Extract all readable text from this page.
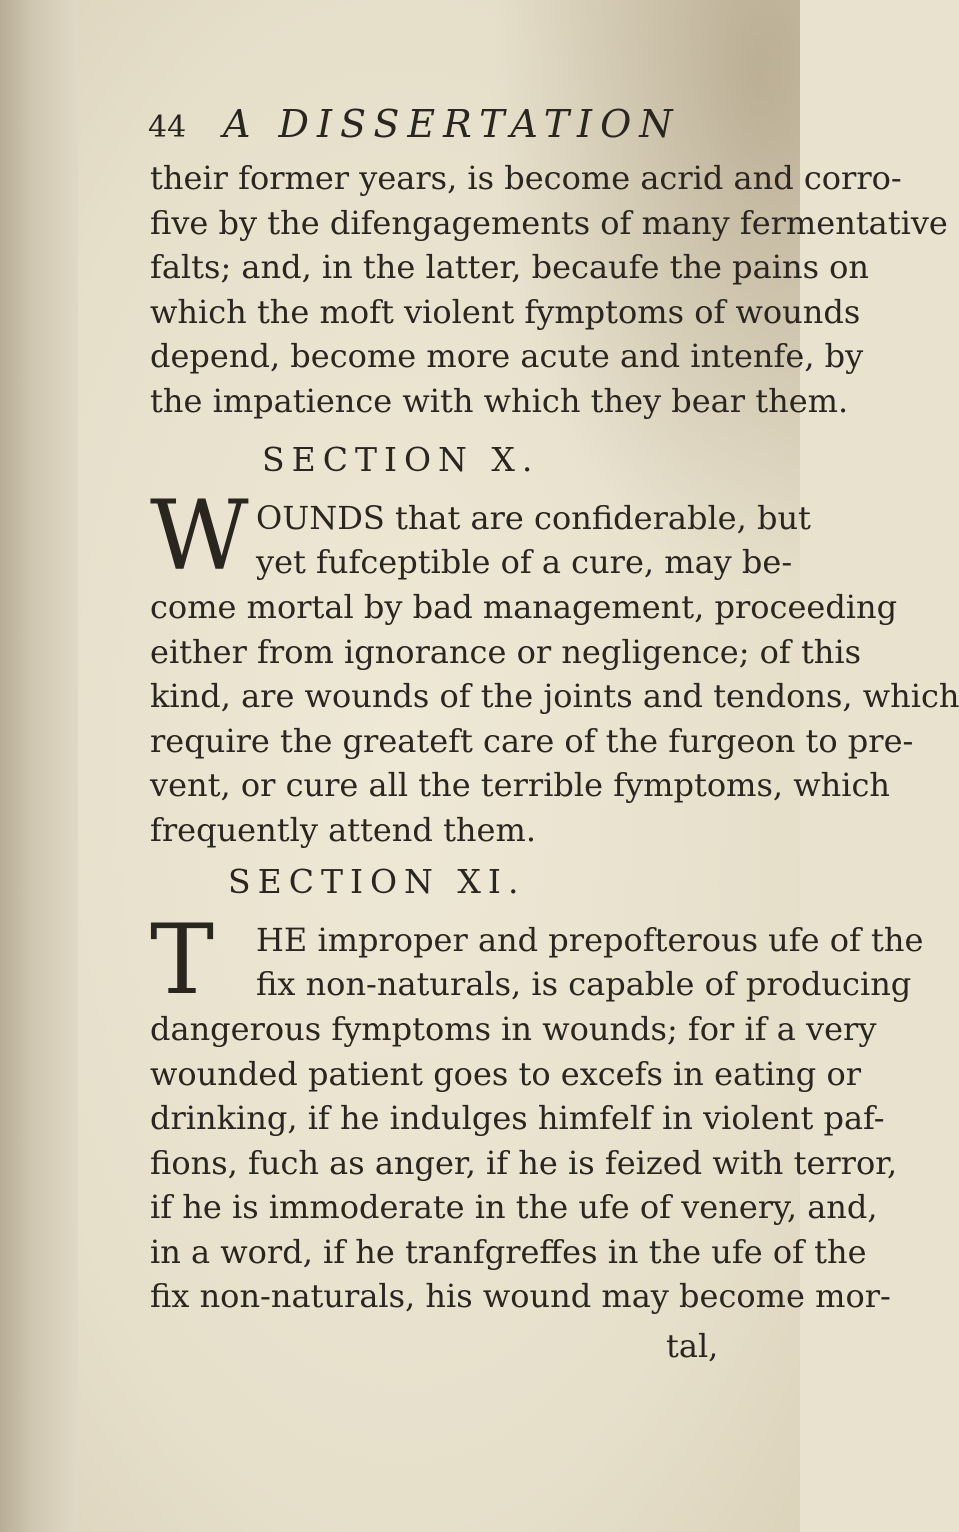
44 A DISSERTATION
their former years, is become acrid and corro-
five by the difengagements of many fermentative
falts; and, in the latter, becaufe the pains on
which the moft violent fymptoms of wounds
depend, become more acute and intenfe, by
the impatience with which they bear them.
SECTION X.
W OUNDS that are confiderable, but
yet fufceptible of a cure, may be-
come mortal by bad management, proceeding
either from ignorance or negligence; of this
kind, are wounds of the joints and tendons, which
require the greateft care of the furgeon to pre-
vent, or cure all the terrible fymptoms, which
frequently attend them.
SECTION XI.
T HE improper and prepofterous ufe of the
fix non-naturals, is capable of producing
dangerous fymptoms in wounds; for if a very
wounded patient goes to excefs in eating or
drinking, if he indulges himfelf in violent paf-
fions, fuch as anger, if he is feized with terror,
if he is immoderate in the ufe of venery, and,
in a word, if he tranfgreffes in the ufe of the
fix non-naturals, his wound may become mor-
tal,
